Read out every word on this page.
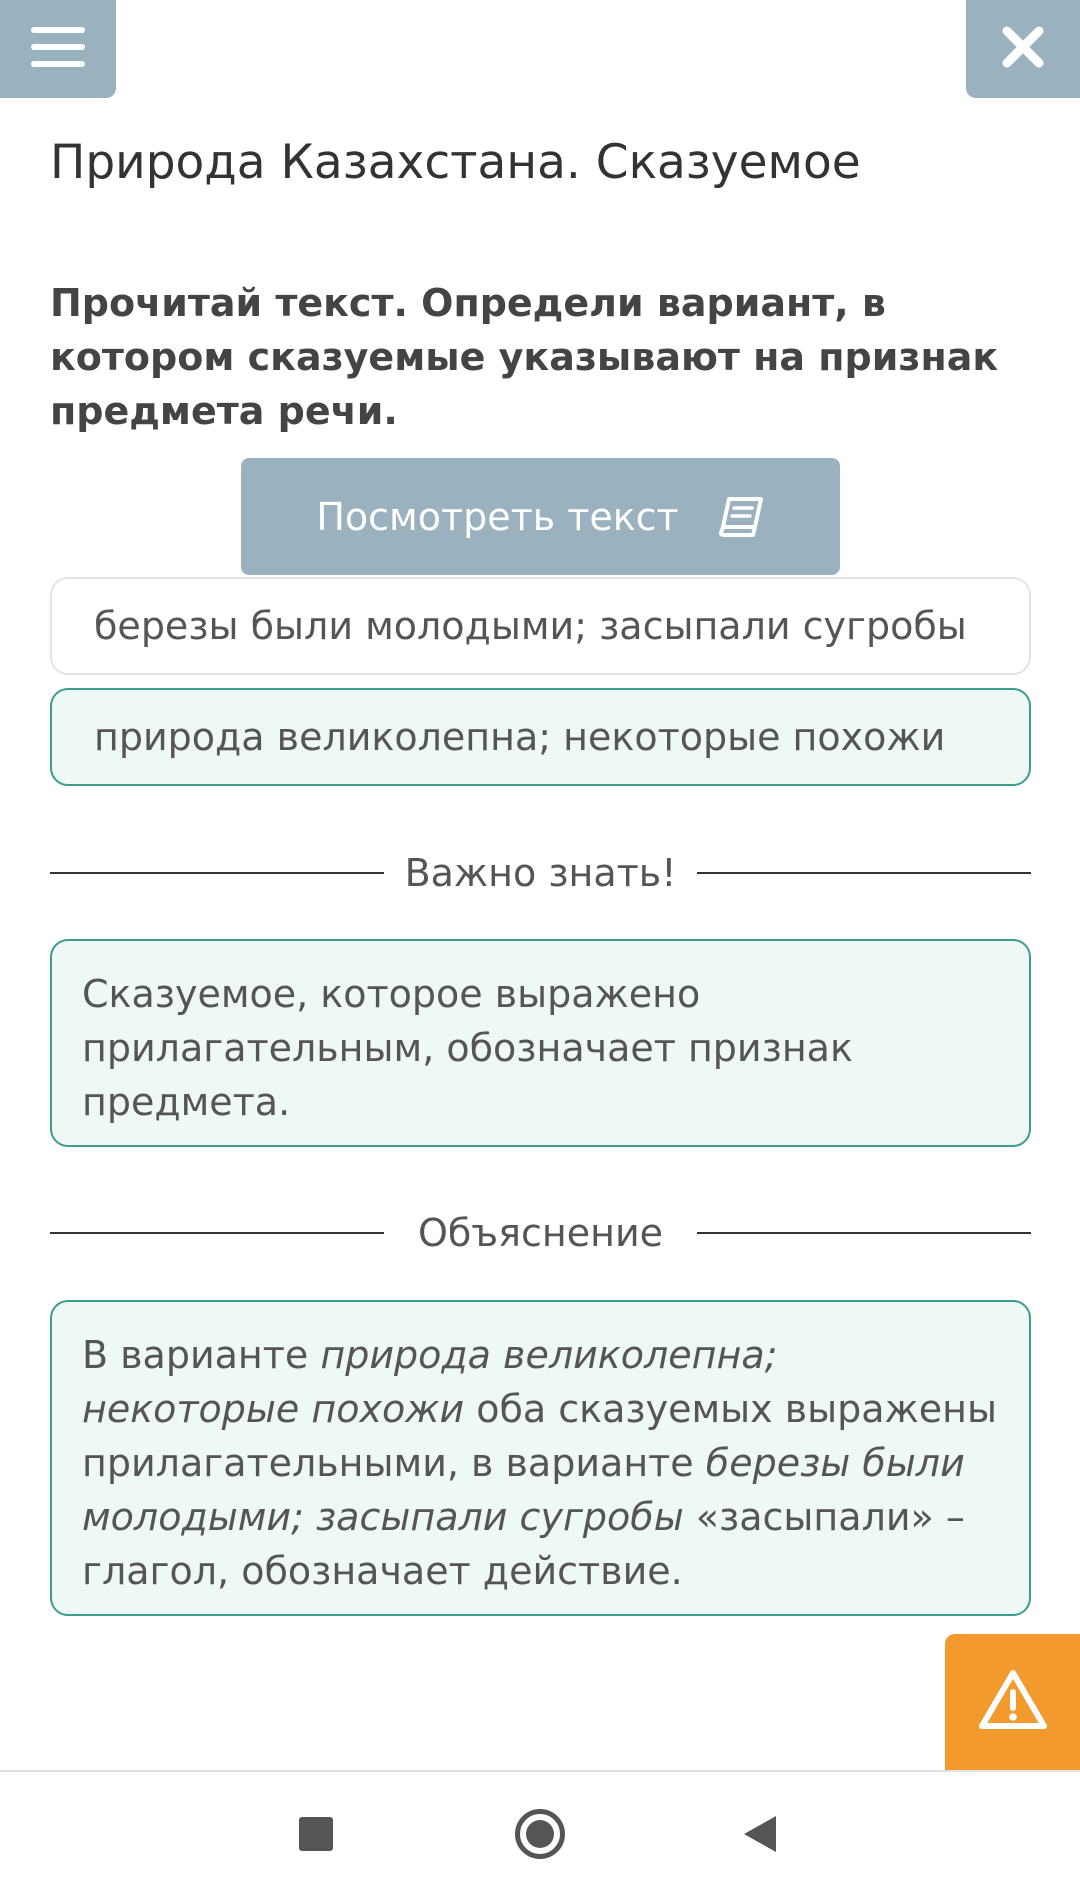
Природа Казахстана. Сказуемое

Прочитай текст. Определи вариант, в котором сказуемые указывают на признак предмета речи.

Посмотреть текст
березы были молодыми; засыпали сугробы
природа великолепна; некоторые похожи
Важно знать!
Сказуемое, которое выражено прилагательным, обозначает признак предмета.
Объяснение
В варианте природа великолепна; некоторые похожи оба сказуемых выражены прилагательными, в варианте березы были молодыми; засыпали сугробы «засыпали» – глагол, обозначает действие.
